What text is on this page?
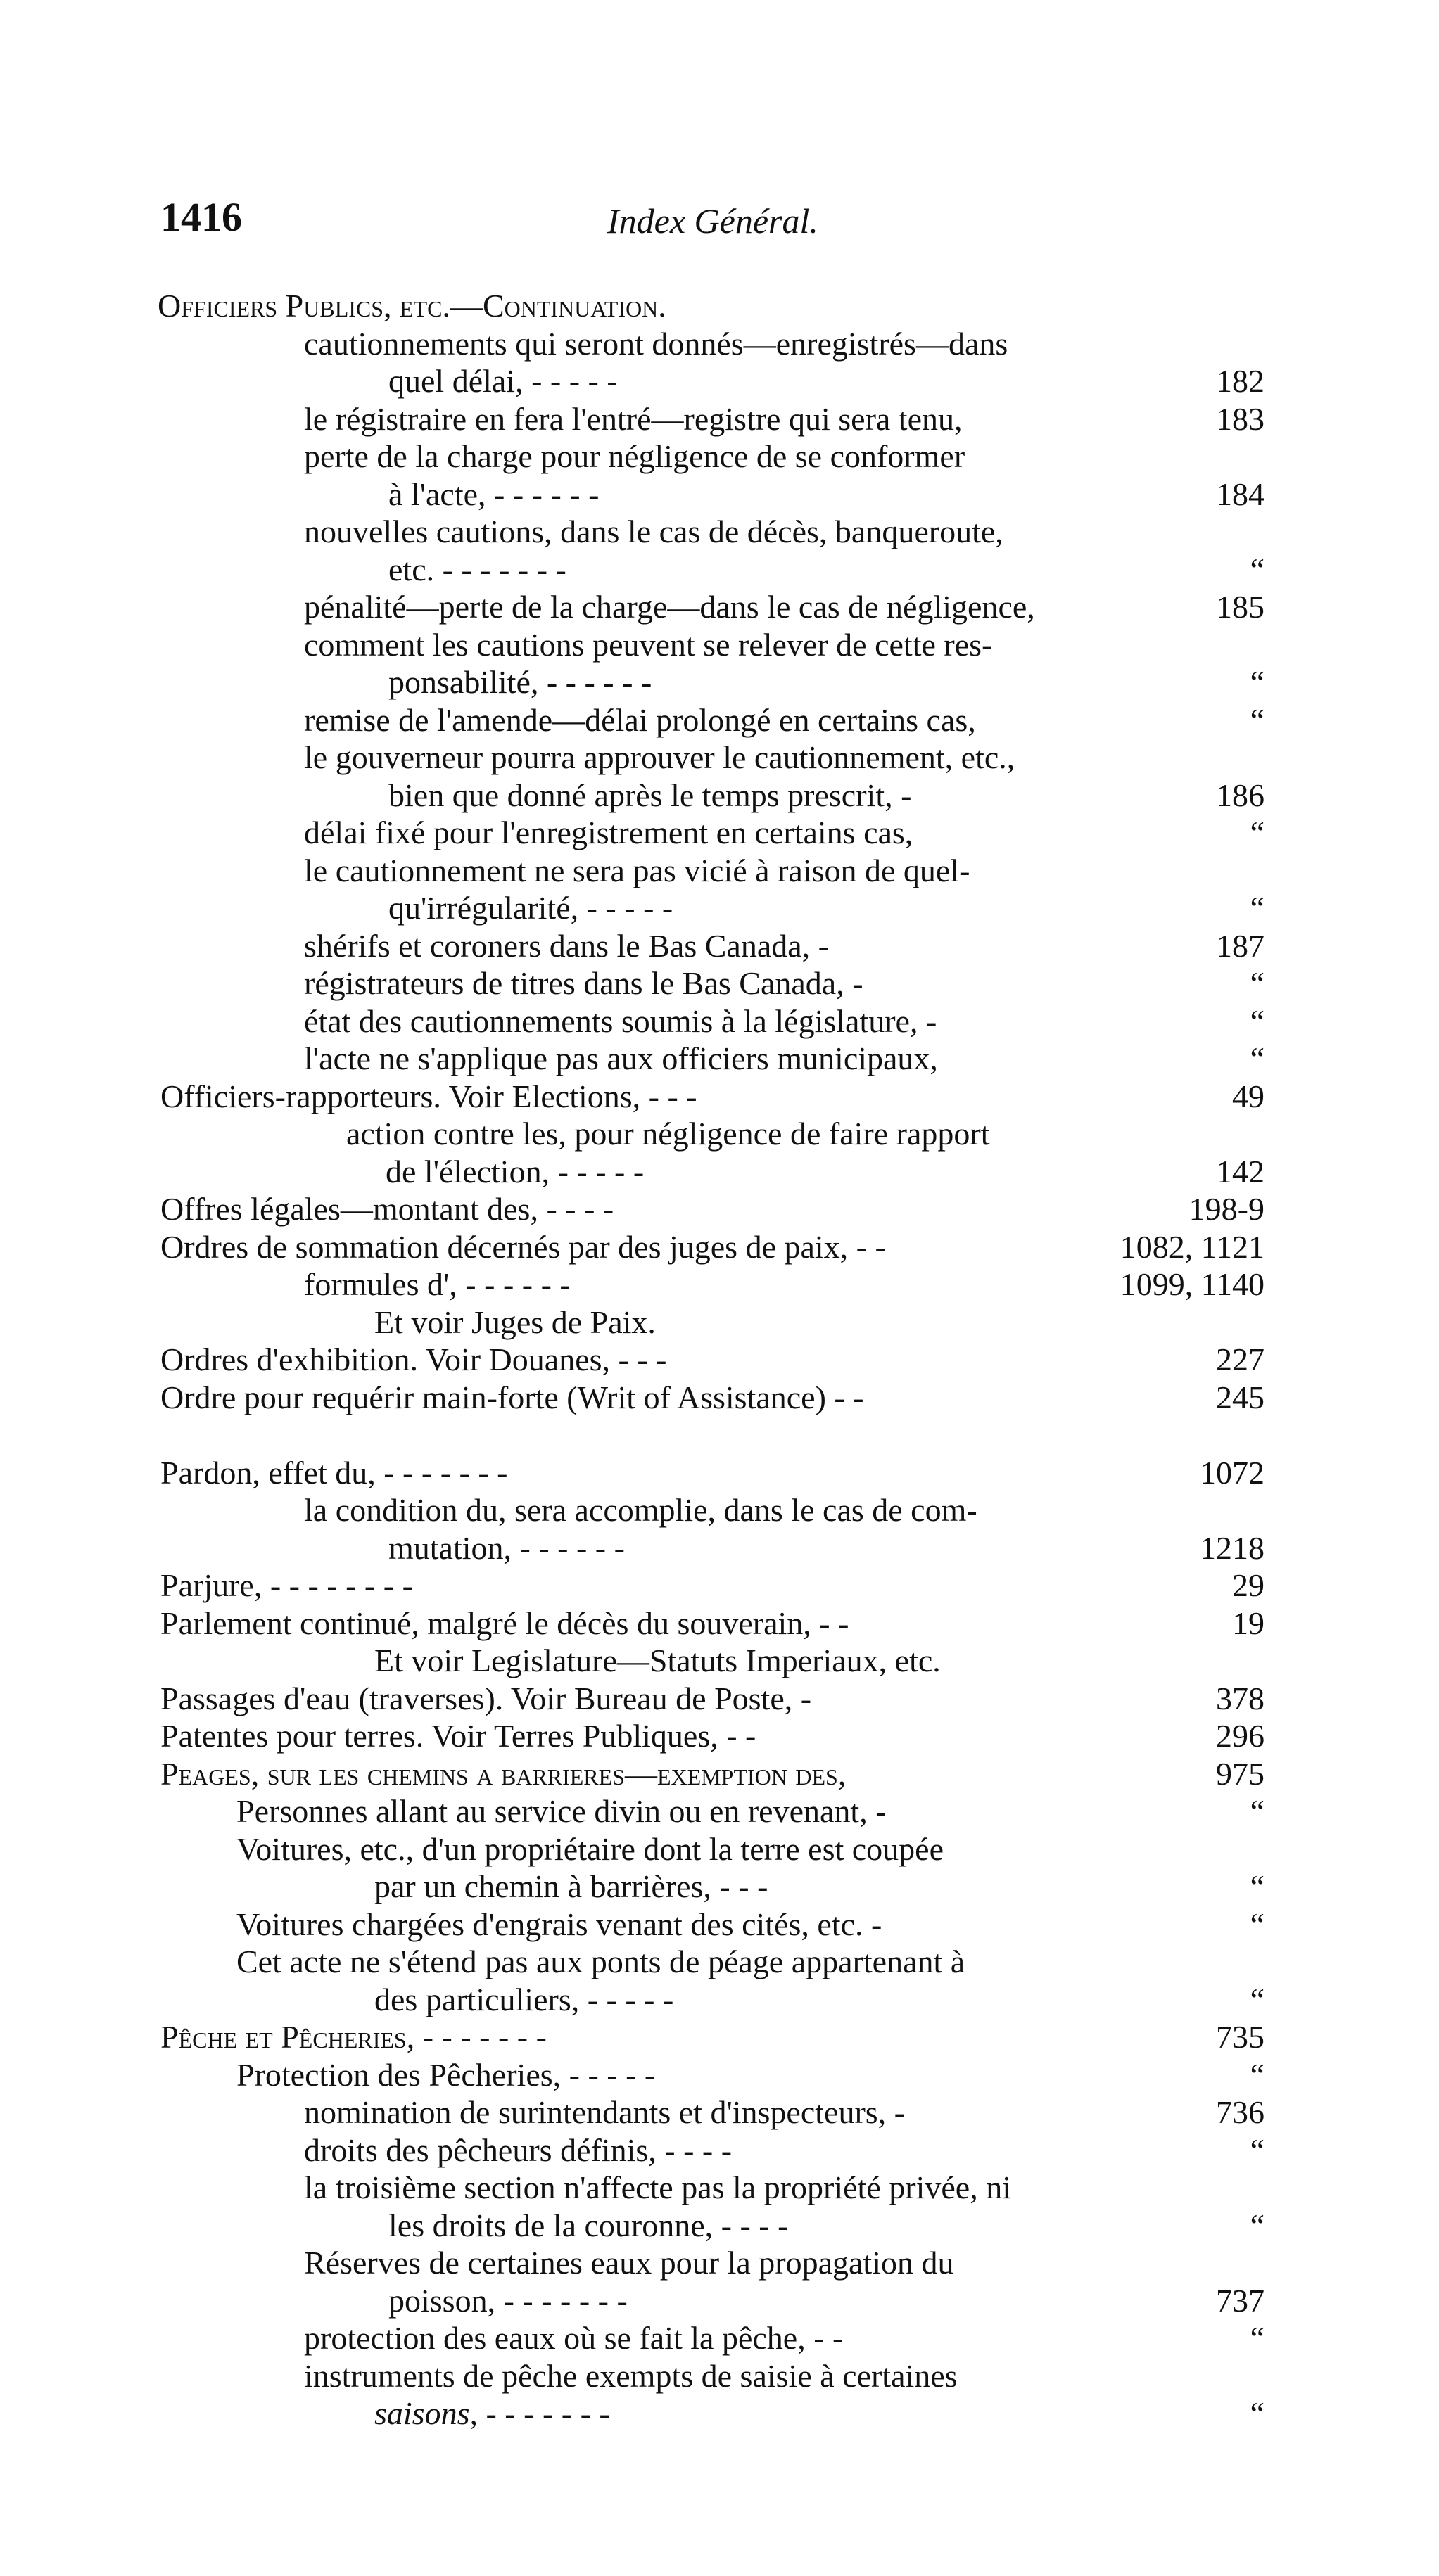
1416	Index Général.
Officiers Publics, etc.—Continuation.
cautionnements qui seront donnés—enregistrés—dans
quel délai, - - - - -	182
le régistraire en fera l'entré—registre qui sera tenu,	183
perte de la charge pour négligence de se conformer
à l'acte, - - - - - -	184
nouvelles cautions, dans le cas de décès, banqueroute,
etc. - - - - - - -	“
pénalité—perte de la charge—dans le cas de négligence,	185
comment les cautions peuvent se relever de cette res-
ponsabilité, - - - - - -	“
remise de l'amende—délai prolongé en certains cas,	“
le gouverneur pourra approuver le cautionnement, etc.,
bien que donné après le temps prescrit, -	186
délai fixé pour l'enregistrement en certains cas,	“
le cautionnement ne sera pas vicié à raison de quel-
qu'irrégularité, - - - - -	“
shérifs et coroners dans le Bas Canada, -	187
régistrateurs de titres dans le Bas Canada, -	“
état des cautionnements soumis à la législature, -	“
l'acte ne s'applique pas aux officiers municipaux,	“
Officiers-rapporteurs. Voir Elections, - - -	49
action contre les, pour négligence de faire rapport
de l'élection, - - - - -	142
Offres légales—montant des, - - - -	198-9
Ordres de sommation décernés par des juges de paix, - -	1082, 1121
formules d', - - - - - -	1099, 1140
Et voir Juges de Paix.
Ordres d'exhibition. Voir Douanes, - - -	227
Ordre pour requérir main-forte (Writ of Assistance) - -	245
Pardon, effet du, - - - - - - -	1072
la condition du, sera accomplie, dans le cas de com-
mutation, - - - - - -	1218
Parjure, - - - - - - - -	29
Parlement continué, malgré le décès du souverain, - -	19
Et voir Legislature—Statuts Imperiaux, etc.
Passages d'eau (traverses). Voir Bureau de Poste, -	378
Patentes pour terres. Voir Terres Publiques, - -	296
Peages, sur les chemins a barrieres—exemption des,	975
Personnes allant au service divin ou en revenant, -	“
Voitures, etc., d'un propriétaire dont la terre est coupée
par un chemin à barrières, - - -	“
Voitures chargées d'engrais venant des cités, etc. -	“
Cet acte ne s'étend pas aux ponts de péage appartenant à
des particuliers, - - - - -	“
Pêche et Pêcheries, - - - - - - -	735
Protection des Pêcheries, - - - - -	“
nomination de surintendants et d'inspecteurs, -	736
droits des pêcheurs définis, - - - -	“
la troisième section n'affecte pas la propriété privée, ni
les droits de la couronne, - - - -	“
Réserves de certaines eaux pour la propagation du
poisson, - - - - - - -	737
protection des eaux où se fait la pêche, - -	“
instruments de pêche exempts de saisie à certaines
saisons, - - - - - - -	“
